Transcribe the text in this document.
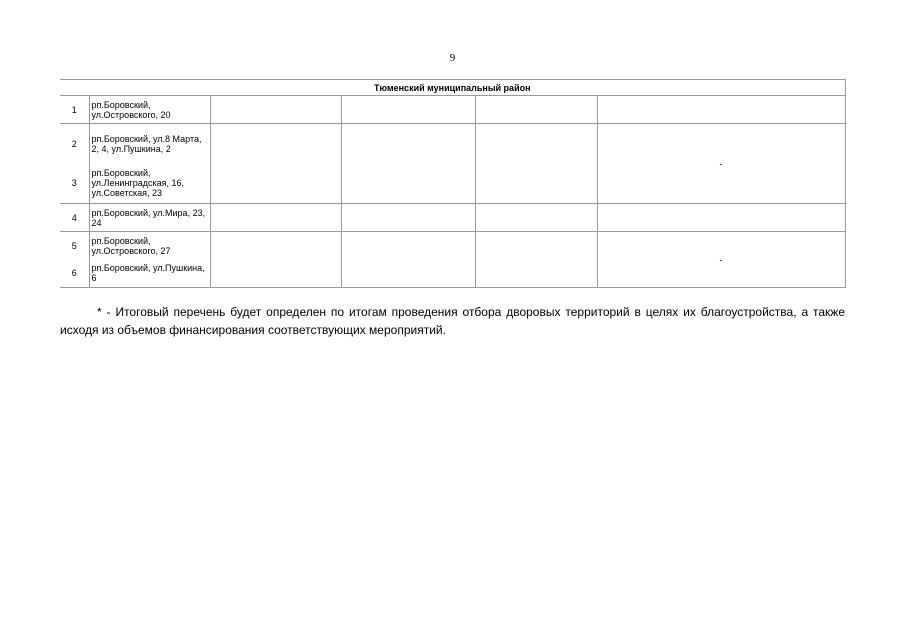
9
Тюменский муниципальный район					
1	рп.Боровский, ул.Островского, 20				
2	рп.Боровский, ул.8 Марта, 2, 4, ул.Пушкина, 2				-
3	рп.Боровский, ул.Ленинградская, 16, ул.Советская, 23				
4	рп.Боровский, ул.Мира, 23, 24				
5	рп.Боровский, ул.Островского, 27				-
6	рп.Боровский, ул.Пушкина, 6				
* - Итоговый перечень будет определен по итогам проведения отбора дворовых территорий в целях их благоустройства, а также исходя из объемов финансирования соответствующих мероприятий.
